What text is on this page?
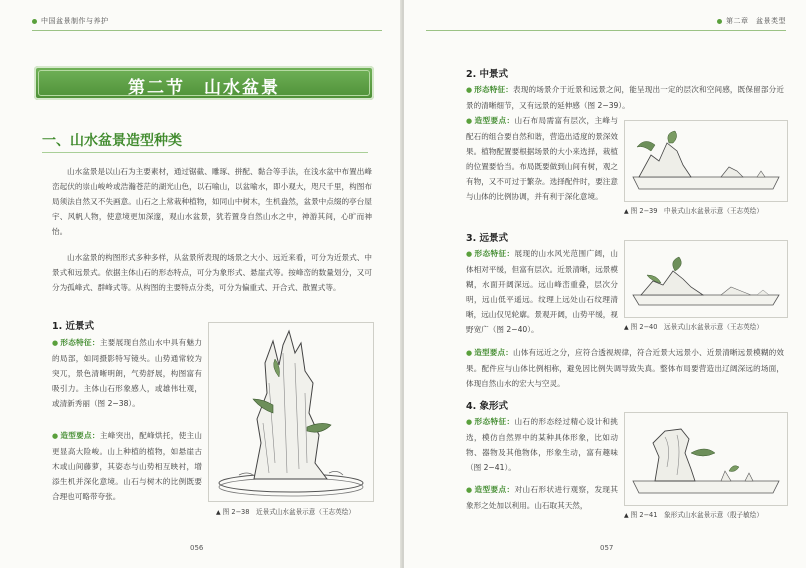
中国盆景制作与养护
第二节　山水盆景
一、山水盆景造型种类
山水盆景是以山石为主要素材，通过锯截、雕琢、拼配、黏合等手法，在浅水盆中布置出峰峦起伏的崇山峻岭或浩瀚苍茫的湖光山色，以石喻山，以盆喻水，即小观大，咫尺千里，构图布局须法自然又不失画意。山石之上常栽种植物，如同山中树木，生机盎然，盆景中点缀的亭台屋宇、风帆人物，使意境更加深邃，观山水盆景，犹若置身自然山水之中，神游其间，心旷而神怡。
山水盆景的构图形式多种多样，从盆景所表现的场景之大小、远近来看，可分为近景式、中景式和远景式。依据主体山石的形态特点，可分为象形式、悬崖式等。按峰峦的数量划分，又可分为孤峰式、群峰式等。从构图的主要特点分类，可分为偏重式、开合式、散置式等。
1. 近景式
● 形态特征：主要展现自然山水中具有魅力的局部，如同摄影特写镜头。山势通常较为突兀，景色清晰明朗，气势舒展，构图富有吸引力。主体山石形象感人，或雄伟壮观，或清新秀丽（图 2−38）。
● 造型要点：主峰突出，配峰烘托，使主山更显高大险峻。山上种植的植物，如悬崖古木或山间藤萝，其姿态与山势相互映衬，增添生机并深化意境。山石与树木的比例既要合理也可略带夸张。
▲ 图 2−38　近景式山水盆景示意（王志英绘）
056
第二章　盆景类型
2. 中景式
● 形态特征：表现的场景介于近景和远景之间，能呈现出一定的层次和空间感，既保留部分近景的清晰细节，又有远景的延伸感（图 2−39）。
● 造型要点：山石布局需富有层次，主峰与配石的组合要自然和谐，营造出适度的景深效果。植物配置要根据场景的大小来选择，栽植的位置要恰当。布局既要做到山间有树，观之有物，又不可过于繁杂。选择配件时，要注意与山体的比例协调，并有利于深化意境。
▲ 图 2−39　中景式山水盆景示意（王志英绘）
3. 远景式
● 形态特征：展现的山水风光范围广阔，山体相对平缓，但富有层次。近景清晰，远景模糊，水面开阔深远。远山峰峦重叠，层次分明，远山低平遥远。纹理上远处山石纹理清晰，远山仅见轮廓。景观开阔，山势平缓，视野宽广（图 2−40）。	▲ 图 2−40　远景式山水盆景示意（王志英绘）
● 造型要点：山体有远近之分，应符合透视规律，符合近景大远景小、近景清晰远景模糊的效果。配件应与山体比例相称，避免因比例失调导致失真。整体布局要营造出辽阔深远的场面，体现自然山水的宏大与空灵。
4. 象形式
● 形态特征：山石的形态经过精心设计和挑选，模仿自然界中的某种具体形象，比如动物、器物及其他物体，形象生动，富有趣味（图 2−41）。
● 造型要点：对山石形状进行观察，发现其象形之处加以利用。山石取其天然，
▲ 图 2−41　象形式山水盆景示意（殷子敏绘）
057
